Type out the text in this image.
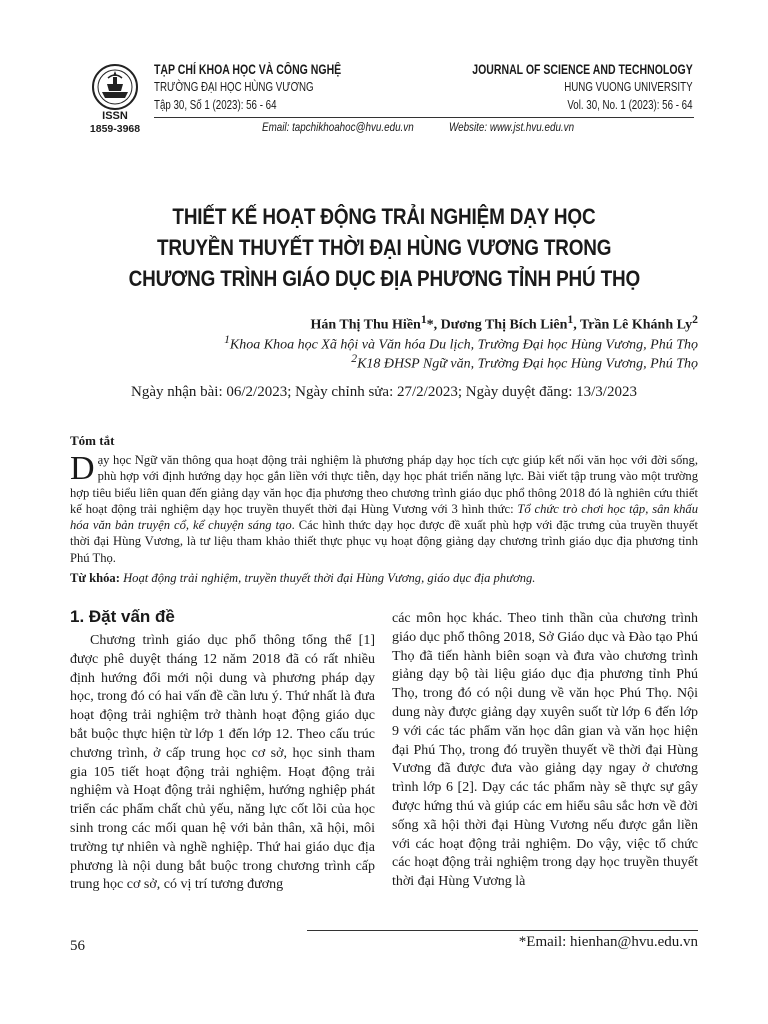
ISSN
1859-3968
TẠP CHÍ KHOA HỌC VÀ CÔNG NGHỆ
TRƯỜNG ĐẠI HỌC HÙNG VƯƠNG
Tập 30, Số 1 (2023): 56 - 64
JOURNAL OF SCIENCE AND TECHNOLOGY
HUNG VUONG UNIVERSITY
Vol. 30, No. 1 (2023): 56 - 64
Email: tapchikhoahoc@hvu.edu.vn	Website: www.jst.hvu.edu.vn
THIẾT KẾ HOẠT ĐỘNG TRẢI NGHIỆM DẠY HỌC
TRUYỀN THUYẾT THỜI ĐẠI HÙNG VƯƠNG TRONG
CHƯƠNG TRÌNH GIÁO DỤC ĐỊA PHƯƠNG TỈNH PHÚ THỌ
Hán Thị Thu Hiền$^1$*, Dương Thị Bích Liên$^1$, Trần Lê Khánh Ly$^2$
$^1$Khoa Khoa học Xã hội và Văn hóa Du lịch, Trường Đại học Hùng Vương, Phú Thọ
$^2$K18 ĐHSP Ngữ văn, Trường Đại học Hùng Vương, Phú Thọ
Ngày nhận bài: 06/2/2023; Ngày chỉnh sửa: 27/2/2023; Ngày duyệt đăng: 13/3/2023
Tóm tắt
Dạy học Ngữ văn thông qua hoạt động trải nghiệm là phương pháp dạy học tích cực giúp kết nối văn học với đời sống, phù hợp với định hướng dạy học gắn liền với thực tiễn, dạy học phát triển năng lực. Bài viết tập trung vào một trường hợp tiêu biểu liên quan đến giảng dạy văn học địa phương theo chương trình giáo dục phổ thông 2018 đó là nghiên cứu thiết kế hoạt động trải nghiệm dạy học truyền thuyết thời đại Hùng Vương với 3 hình thức: Tổ chức trò chơi học tập, sân khấu hóa văn bản truyện cổ, kể chuyện sáng tạo. Các hình thức dạy học được đề xuất phù hợp với đặc trưng của truyền thuyết thời đại Hùng Vương, là tư liệu tham khảo thiết thực phục vụ hoạt động giảng dạy chương trình giáo dục địa phương tỉnh Phú Thọ.
Từ khóa: Hoạt động trải nghiệm, truyền thuyết thời đại Hùng Vương, giáo dục địa phương.
1. Đặt vấn đề
Chương trình giáo dục phổ thông tổng thể [1] được phê duyệt tháng 12 năm 2018 đã có rất nhiều định hướng đổi mới nội dung và phương pháp dạy học, trong đó có hai vấn đề cần lưu ý. Thứ nhất là đưa hoạt động trải nghiệm trở thành hoạt động giáo dục bắt buộc thực hiện từ lớp 1 đến lớp 12. Theo cấu trúc chương trình, ở cấp trung học cơ sở, học sinh tham gia 105 tiết hoạt động trải nghiệm. Hoạt động trải nghiệm và Hoạt động trải nghiệm, hướng nghiệp phát triển các phẩm chất chủ yếu, năng lực cốt lõi của học sinh trong các mối quan hệ với bản thân, xã hội, môi trường tự nhiên và nghề nghiệp. Thứ hai giáo dục địa phương là nội dung bắt buộc trong chương trình cấp trung học cơ sở, có vị trí tương đương
các môn học khác. Theo tinh thần của chương trình giáo dục phổ thông 2018, Sở Giáo dục và Đào tạo Phú Thọ đã tiến hành biên soạn và đưa vào chương trình giảng dạy bộ tài liệu giáo dục địa phương tỉnh Phú Thọ, trong đó có nội dung về văn học Phú Thọ. Nội dung này được giảng dạy xuyên suốt từ lớp 6 đến lớp 9 với các tác phẩm văn học dân gian và văn học hiện đại Phú Thọ, trong đó truyền thuyết về thời đại Hùng Vương đã được đưa vào giảng dạy ngay ở chương trình lớp 6 [2]. Dạy các tác phẩm này sẽ thực sự gây được hứng thú và giúp các em hiểu sâu sắc hơn về đời sống xã hội thời đại Hùng Vương nếu được gắn liền với các hoạt động trải nghiệm. Do vậy, việc tổ chức các hoạt động trải nghiệm trong dạy học truyền thuyết thời đại Hùng Vương là
56	*Email: hienhan@hvu.edu.vn
